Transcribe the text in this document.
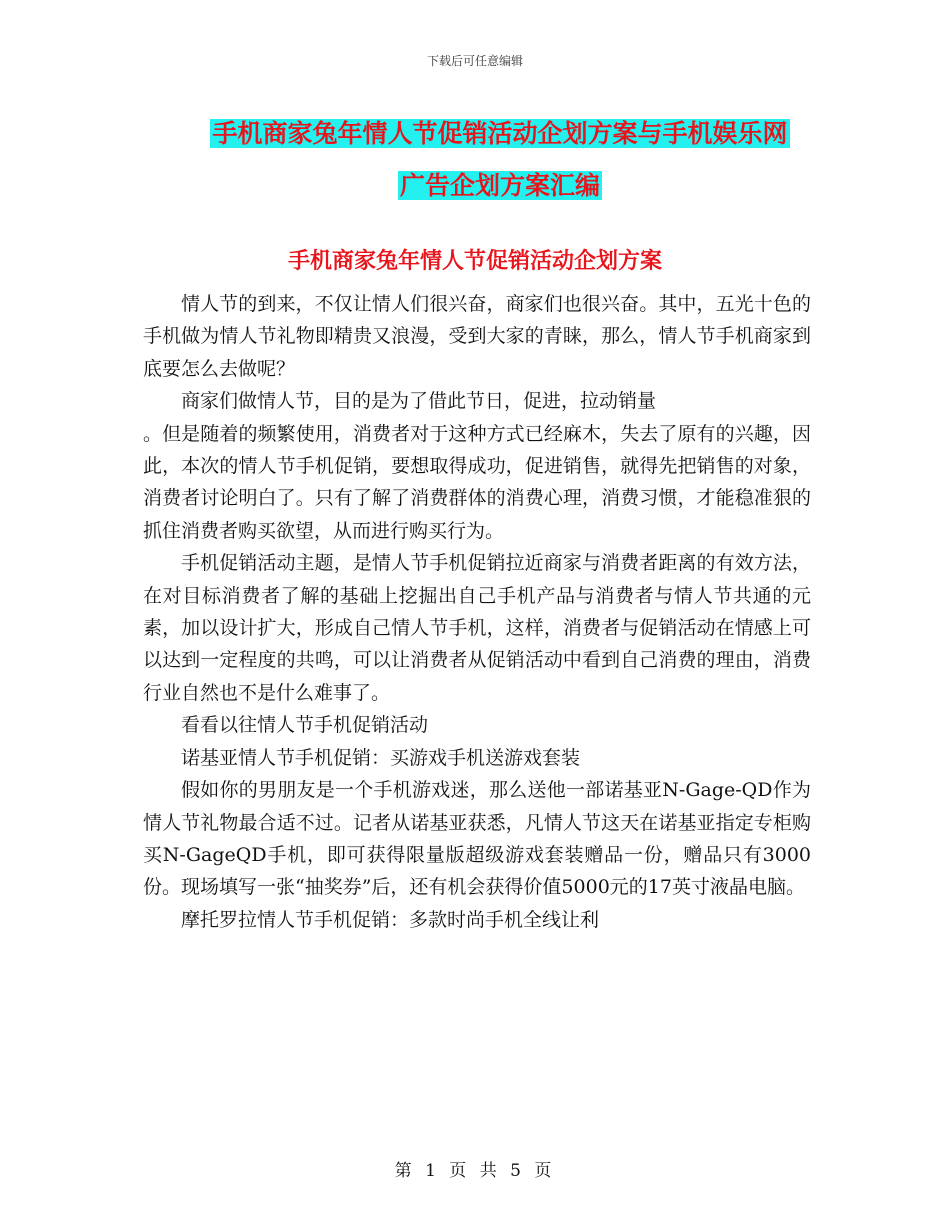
下载后可任意编辑
手机商家兔年情人节促销活动企划方案与手机娱乐网
广告企划方案汇编
手机商家兔年情人节促销活动企划方案

情人节的到来，不仅让情人们很兴奋，商家们也很兴奋。其中，五光十色的手机做为情人节礼物即精贵又浪漫，受到大家的青睐，那么，情人节手机商家到底要怎么去做呢？

商家们做情人节，目的是为了借此节日，促进，拉动销量

。但是随着的频繁使用，消费者对于这种方式已经麻木，失去了原有的兴趣，因此，本次的情人节手机促销，要想取得成功，促进销售，就得先把销售的对象，消费者讨论明白了。只有了解了消费群体的消费心理，消费习惯，才能稳准狠的抓住消费者购买欲望，从而进行购买行为。

手机促销活动主题，是情人节手机促销拉近商家与消费者距离的有效方法，在对目标消费者了解的基础上挖掘出自己手机产品与消费者与情人节共通的元素，加以设计扩大，形成自己情人节手机，这样，消费者与促销活动在情感上可以达到一定程度的共鸣，可以让消费者从促销活动中看到自己消费的理由，消费行业自然也不是什么难事了。

看看以往情人节手机促销活动

诺基亚情人节手机促销：买游戏手机送游戏套装

假如你的男朋友是一个手机游戏迷，那么送他一部诺基亚N-Gage-QD作为情人节礼物最合适不过。记者从诺基亚获悉，凡情人节这天在诺基亚指定专柜购买N-GageQD手机，即可获得限量版超级游戏套装赠品一份，赠品只有3000份。现场填写一张“抽奖券”后，还有机会获得价值5000元的17英寸液晶电脑。

摩托罗拉情人节手机促销：多款时尚手机全线让利

第 1 页 共 5 页
